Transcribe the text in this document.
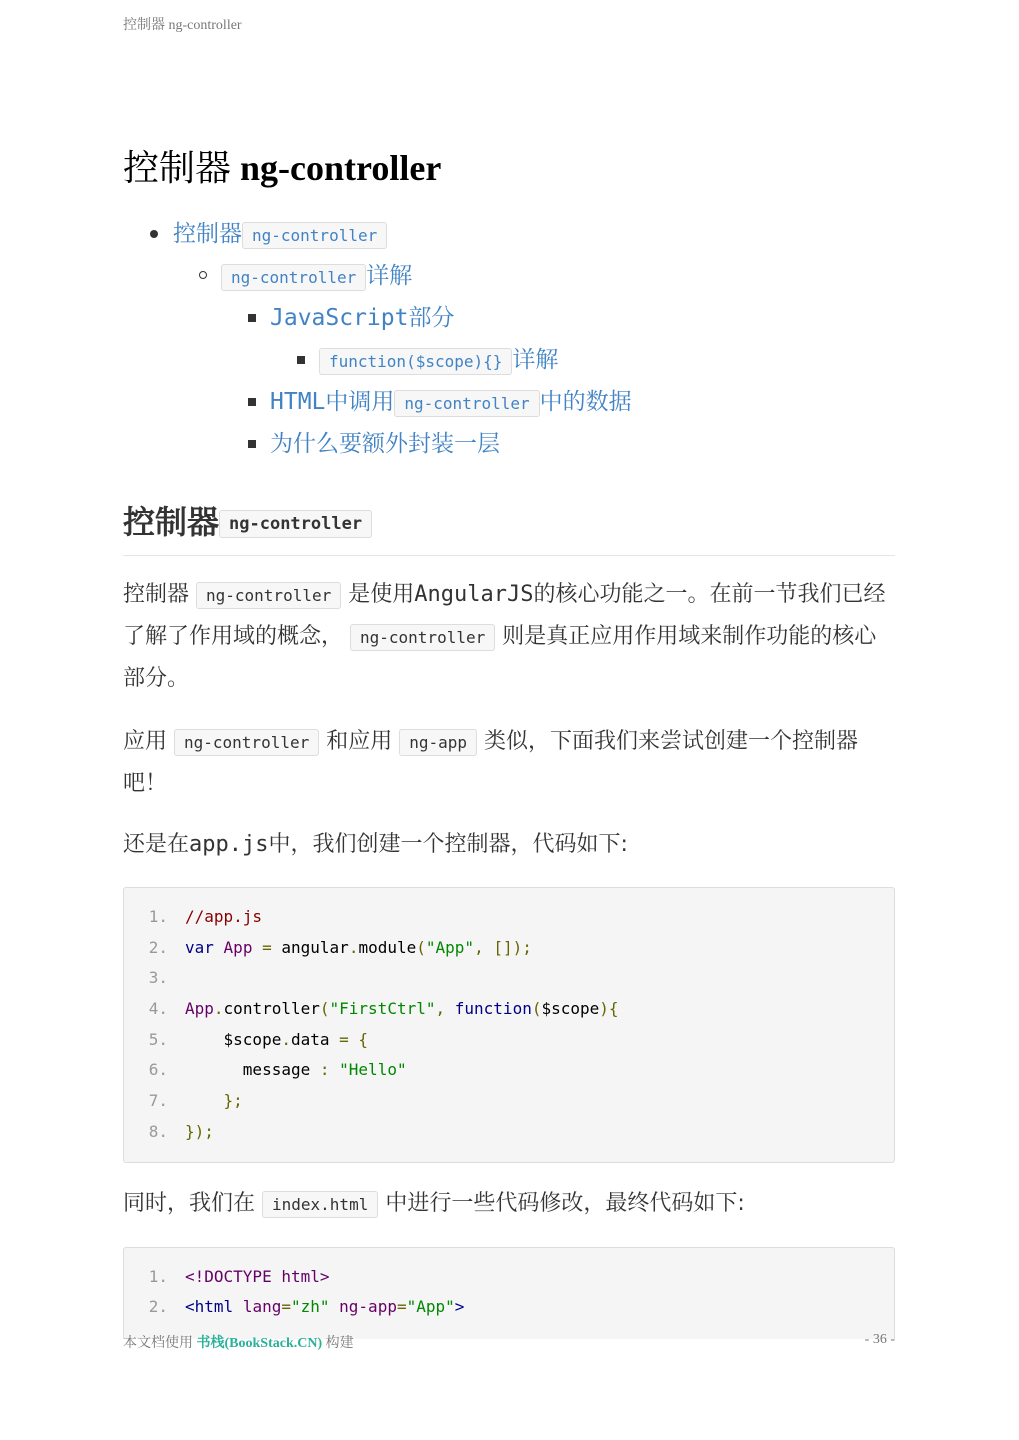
控制器 ng-controller
控制器 ng-controller
控制器 ng-controller
ng-controller 详解
JavaScript部分
function($scope){} 详解
HTML中调用 ng-controller 中的数据
为什么要额外封装一层
控制器 ng-controller

控制器 ng-controller 是使用AngularJS的核心功能之一。在前一节我们已经了解了作用域的概念， ng-controller 则是真正应用作用域来制作功能的核心部分。

应用 ng-controller 和应用 ng-app 类似，下面我们来尝试创建一个控制器吧！

还是在app.js中，我们创建一个控制器，代码如下:

1. //app.js
2. var App = angular.module("App", []);
3.
4. App.controller("FirstCtrl", function($scope){
5.	$scope.data = {
6.	message : "Hello"
7.	};
8. });

同时，我们在 index.html 中进行一些代码修改，最终代码如下:

1. <!DOCTYPE html>
2. <html lang="zh" ng-app="App">
本文档使用 书栈(BookStack.CN) 构建	- 36 -
